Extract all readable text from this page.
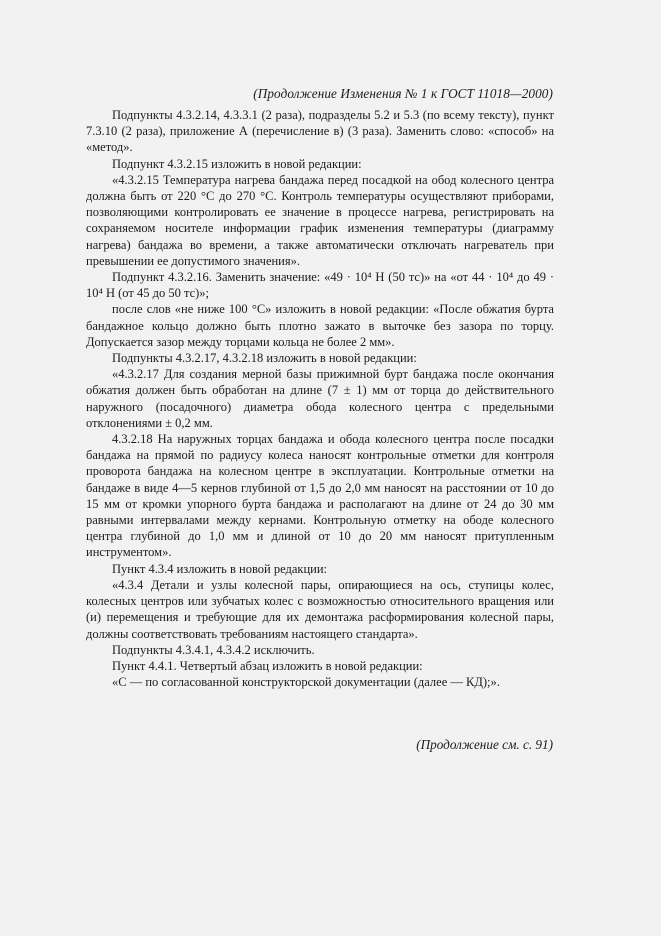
(Продолжение Изменения № 1 к ГОСТ 11018—2000)

Подпункты 4.3.2.14, 4.3.3.1 (2 раза), подразделы 5.2 и 5.3 (по всему тексту), пункт 7.3.10 (2 раза), приложение А (перечисление в) (3 раза). Заменить слово: «способ» на «метод».

Подпункт 4.3.2.15 изложить в новой редакции:

«4.3.2.15 Температура нагрева бандажа перед посадкой на обод колесного центра должна быть от 220 °С до 270 °С. Контроль температуры осуществляют приборами, позволяющими контролировать ее значение в процессе нагрева, регистрировать на сохраняемом носителе информации график изменения температуры (диаграмму нагрева) бандажа во времени, а также автоматически отключать нагреватель при превышении ее допустимого значения».

Подпункт 4.3.2.16. Заменить значение: «49 · 10⁴ Н (50 тс)» на «от 44 · 10⁴ до 49 · 10⁴ Н (от 45 до 50 тс)»;

после слов «не ниже 100 °С» изложить в новой редакции: «После обжатия бурта бандажное кольцо должно быть плотно зажато в выточке без зазора по торцу. Допускается зазор между торцами кольца не более 2 мм».

Подпункты 4.3.2.17, 4.3.2.18 изложить в новой редакции:

«4.3.2.17 Для создания мерной базы прижимной бурт бандажа после окончания обжатия должен быть обработан на длине (7 ± 1) мм от торца до действительного наружного (посадочного) диаметра обода колесного центра с предельными отклонениями ± 0,2 мм.

4.3.2.18 На наружных торцах бандажа и обода колесного центра после посадки бандажа на прямой по радиусу колеса наносят контрольные отметки для контроля проворота бандажа на колесном центре в эксплуатации. Контрольные отметки на бандаже в виде 4—5 кернов глубиной от 1,5 до 2,0 мм наносят на расстоянии от 10 до 15 мм от кромки упорного бурта бандажа и располагают на длине от 24 до 30 мм равными интервалами между кернами. Контрольную отметку на ободе колесного центра глубиной до 1,0 мм и длиной от 10 до 20 мм наносят притупленным инструментом».

Пункт 4.3.4 изложить в новой редакции:

«4.3.4 Детали и узлы колесной пары, опирающиеся на ось, ступицы колес, колесных центров или зубчатых колес с возможностью относительного вращения или (и) перемещения и требующие для их демонтажа расформирования колесной пары, должны соответствовать требованиям настоящего стандарта».

Подпункты 4.3.4.1, 4.3.4.2 исключить.

Пункт 4.4.1. Четвертый абзац изложить в новой редакции:

«С — по согласованной конструкторской документации (далее — КД);».

(Продолжение см. с. 91)
